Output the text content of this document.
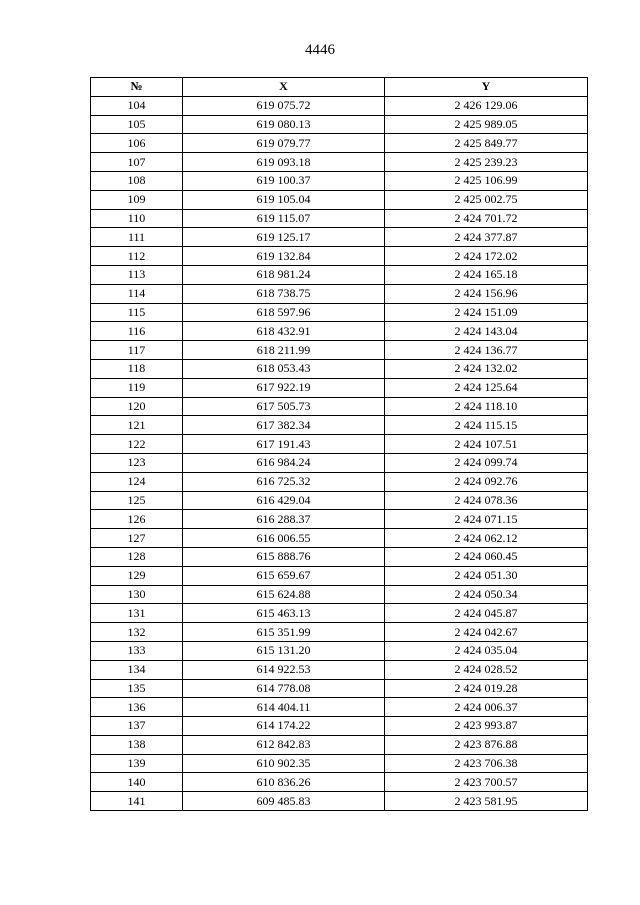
4446
№	X	Y
104	619 075.72	2 426 129.06
105	619 080.13	2 425 989.05
106	619 079.77	2 425 849.77
107	619 093.18	2 425 239.23
108	619 100.37	2 425 106.99
109	619 105.04	2 425 002.75
110	619 115.07	2 424 701.72
111	619 125.17	2 424 377.87
112	619 132.84	2 424 172.02
113	618 981.24	2 424 165.18
114	618 738.75	2 424 156.96
115	618 597.96	2 424 151.09
116	618 432.91	2 424 143.04
117	618 211.99	2 424 136.77
118	618 053.43	2 424 132.02
119	617 922.19	2 424 125.64
120	617 505.73	2 424 118.10
121	617 382.34	2 424 115.15
122	617 191.43	2 424 107.51
123	616 984.24	2 424 099.74
124	616 725.32	2 424 092.76
125	616 429.04	2 424 078.36
126	616 288.37	2 424 071.15
127	616 006.55	2 424 062.12
128	615 888.76	2 424 060.45
129	615 659.67	2 424 051.30
130	615 624.88	2 424 050.34
131	615 463.13	2 424 045.87
132	615 351.99	2 424 042.67
133	615 131.20	2 424 035.04
134	614 922.53	2 424 028.52
135	614 778.08	2 424 019.28
136	614 404.11	2 424 006.37
137	614 174.22	2 423 993.87
138	612 842.83	2 423 876.88
139	610 902.35	2 423 706.38
140	610 836.26	2 423 700.57
141	609 485.83	2 423 581.95
